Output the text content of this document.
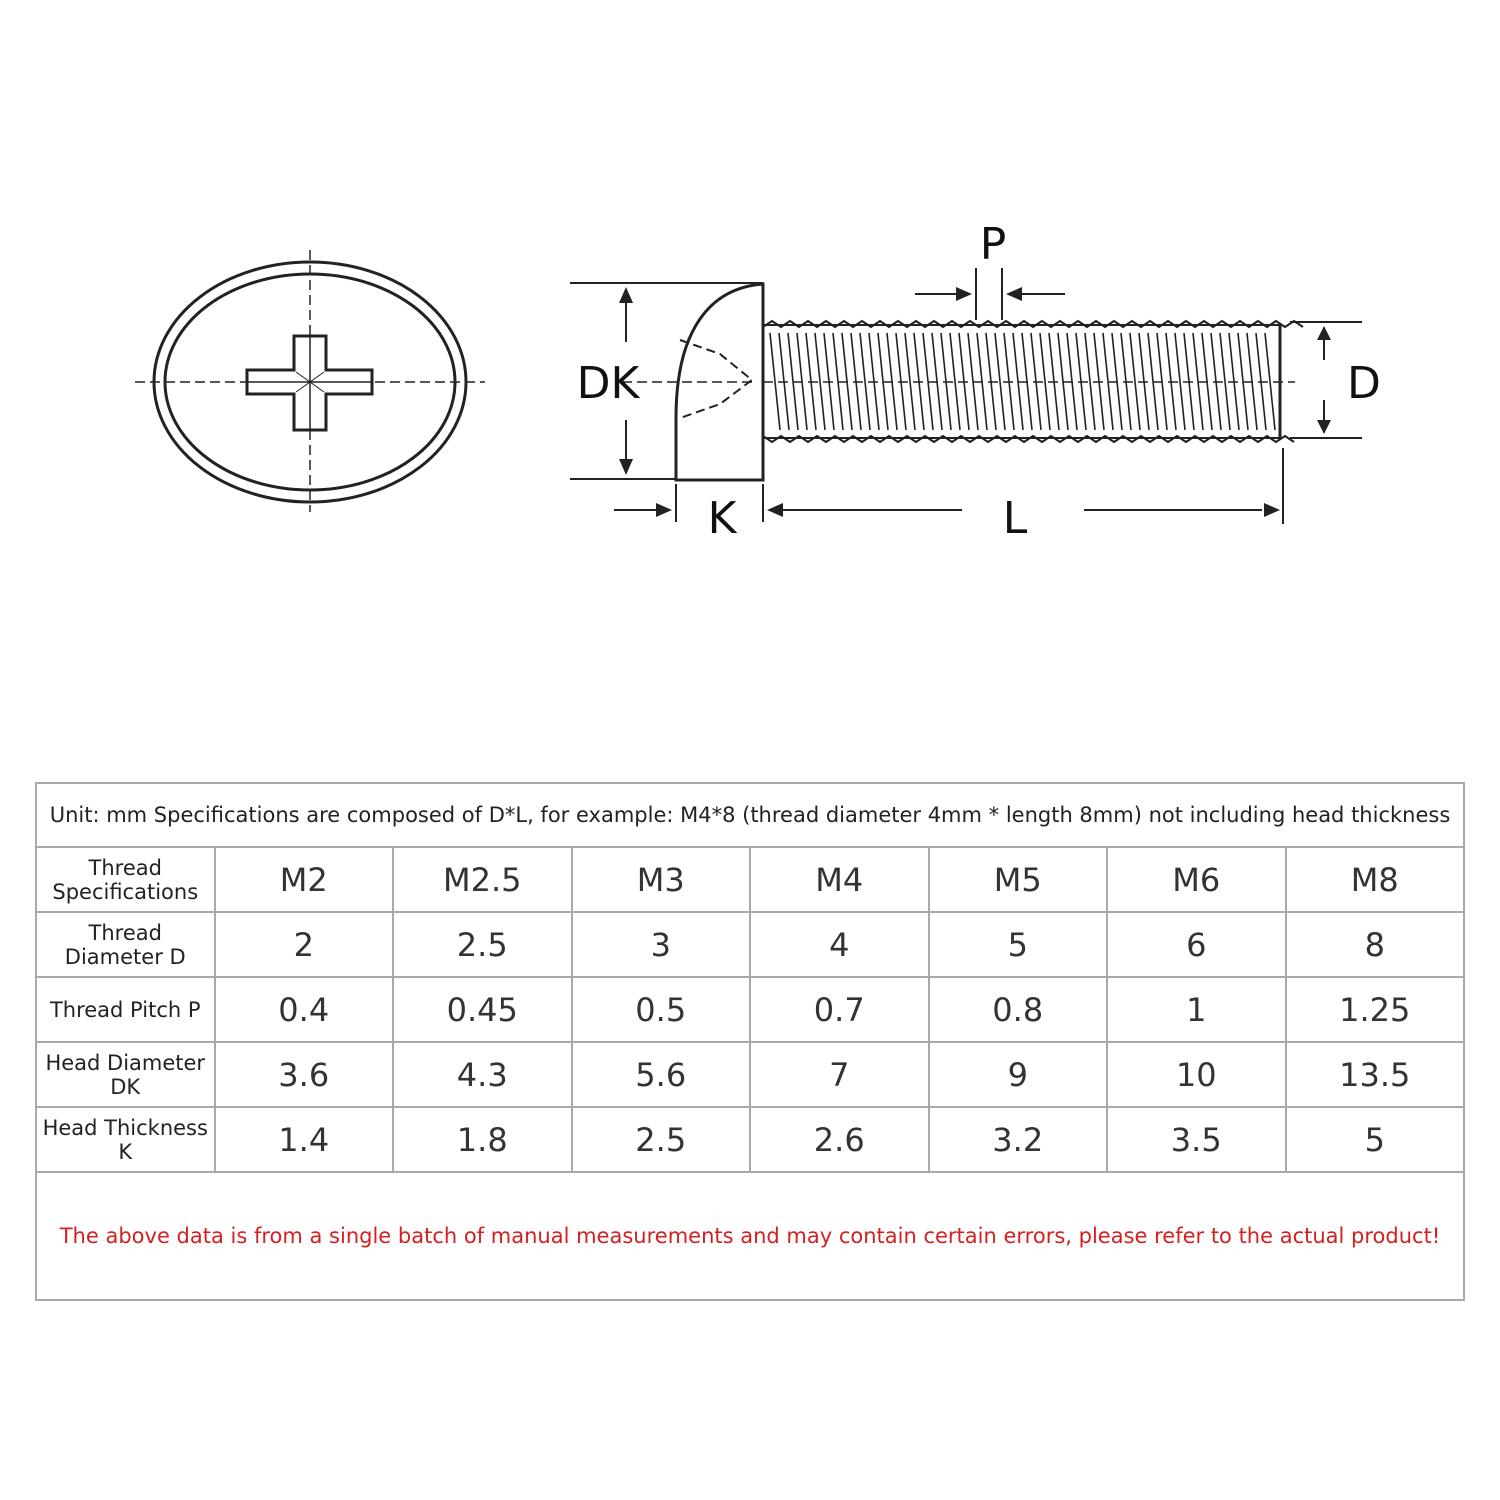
P
DK	D
K	L
Unit: mm Specifications are composed of D*L, for example: M4*8 (thread diameter 4mm * length 8mm) not including head thickness							
Thread Specifications	M2	M2.5	M3	M4	M5	M6	M8
Thread Diameter D	2	2.5	3	4	5	6	8
Thread Pitch P	0.4	0.45	0.5	0.7	0.8	1	1.25
Head Diameter DK	3.6	4.3	5.6	7	9	10	13.5
Head Thickness K	1.4	1.8	2.5	2.6	3.2	3.5	5
The above data is from a single batch of manual measurements and may contain certain errors, please refer to the actual product!							
